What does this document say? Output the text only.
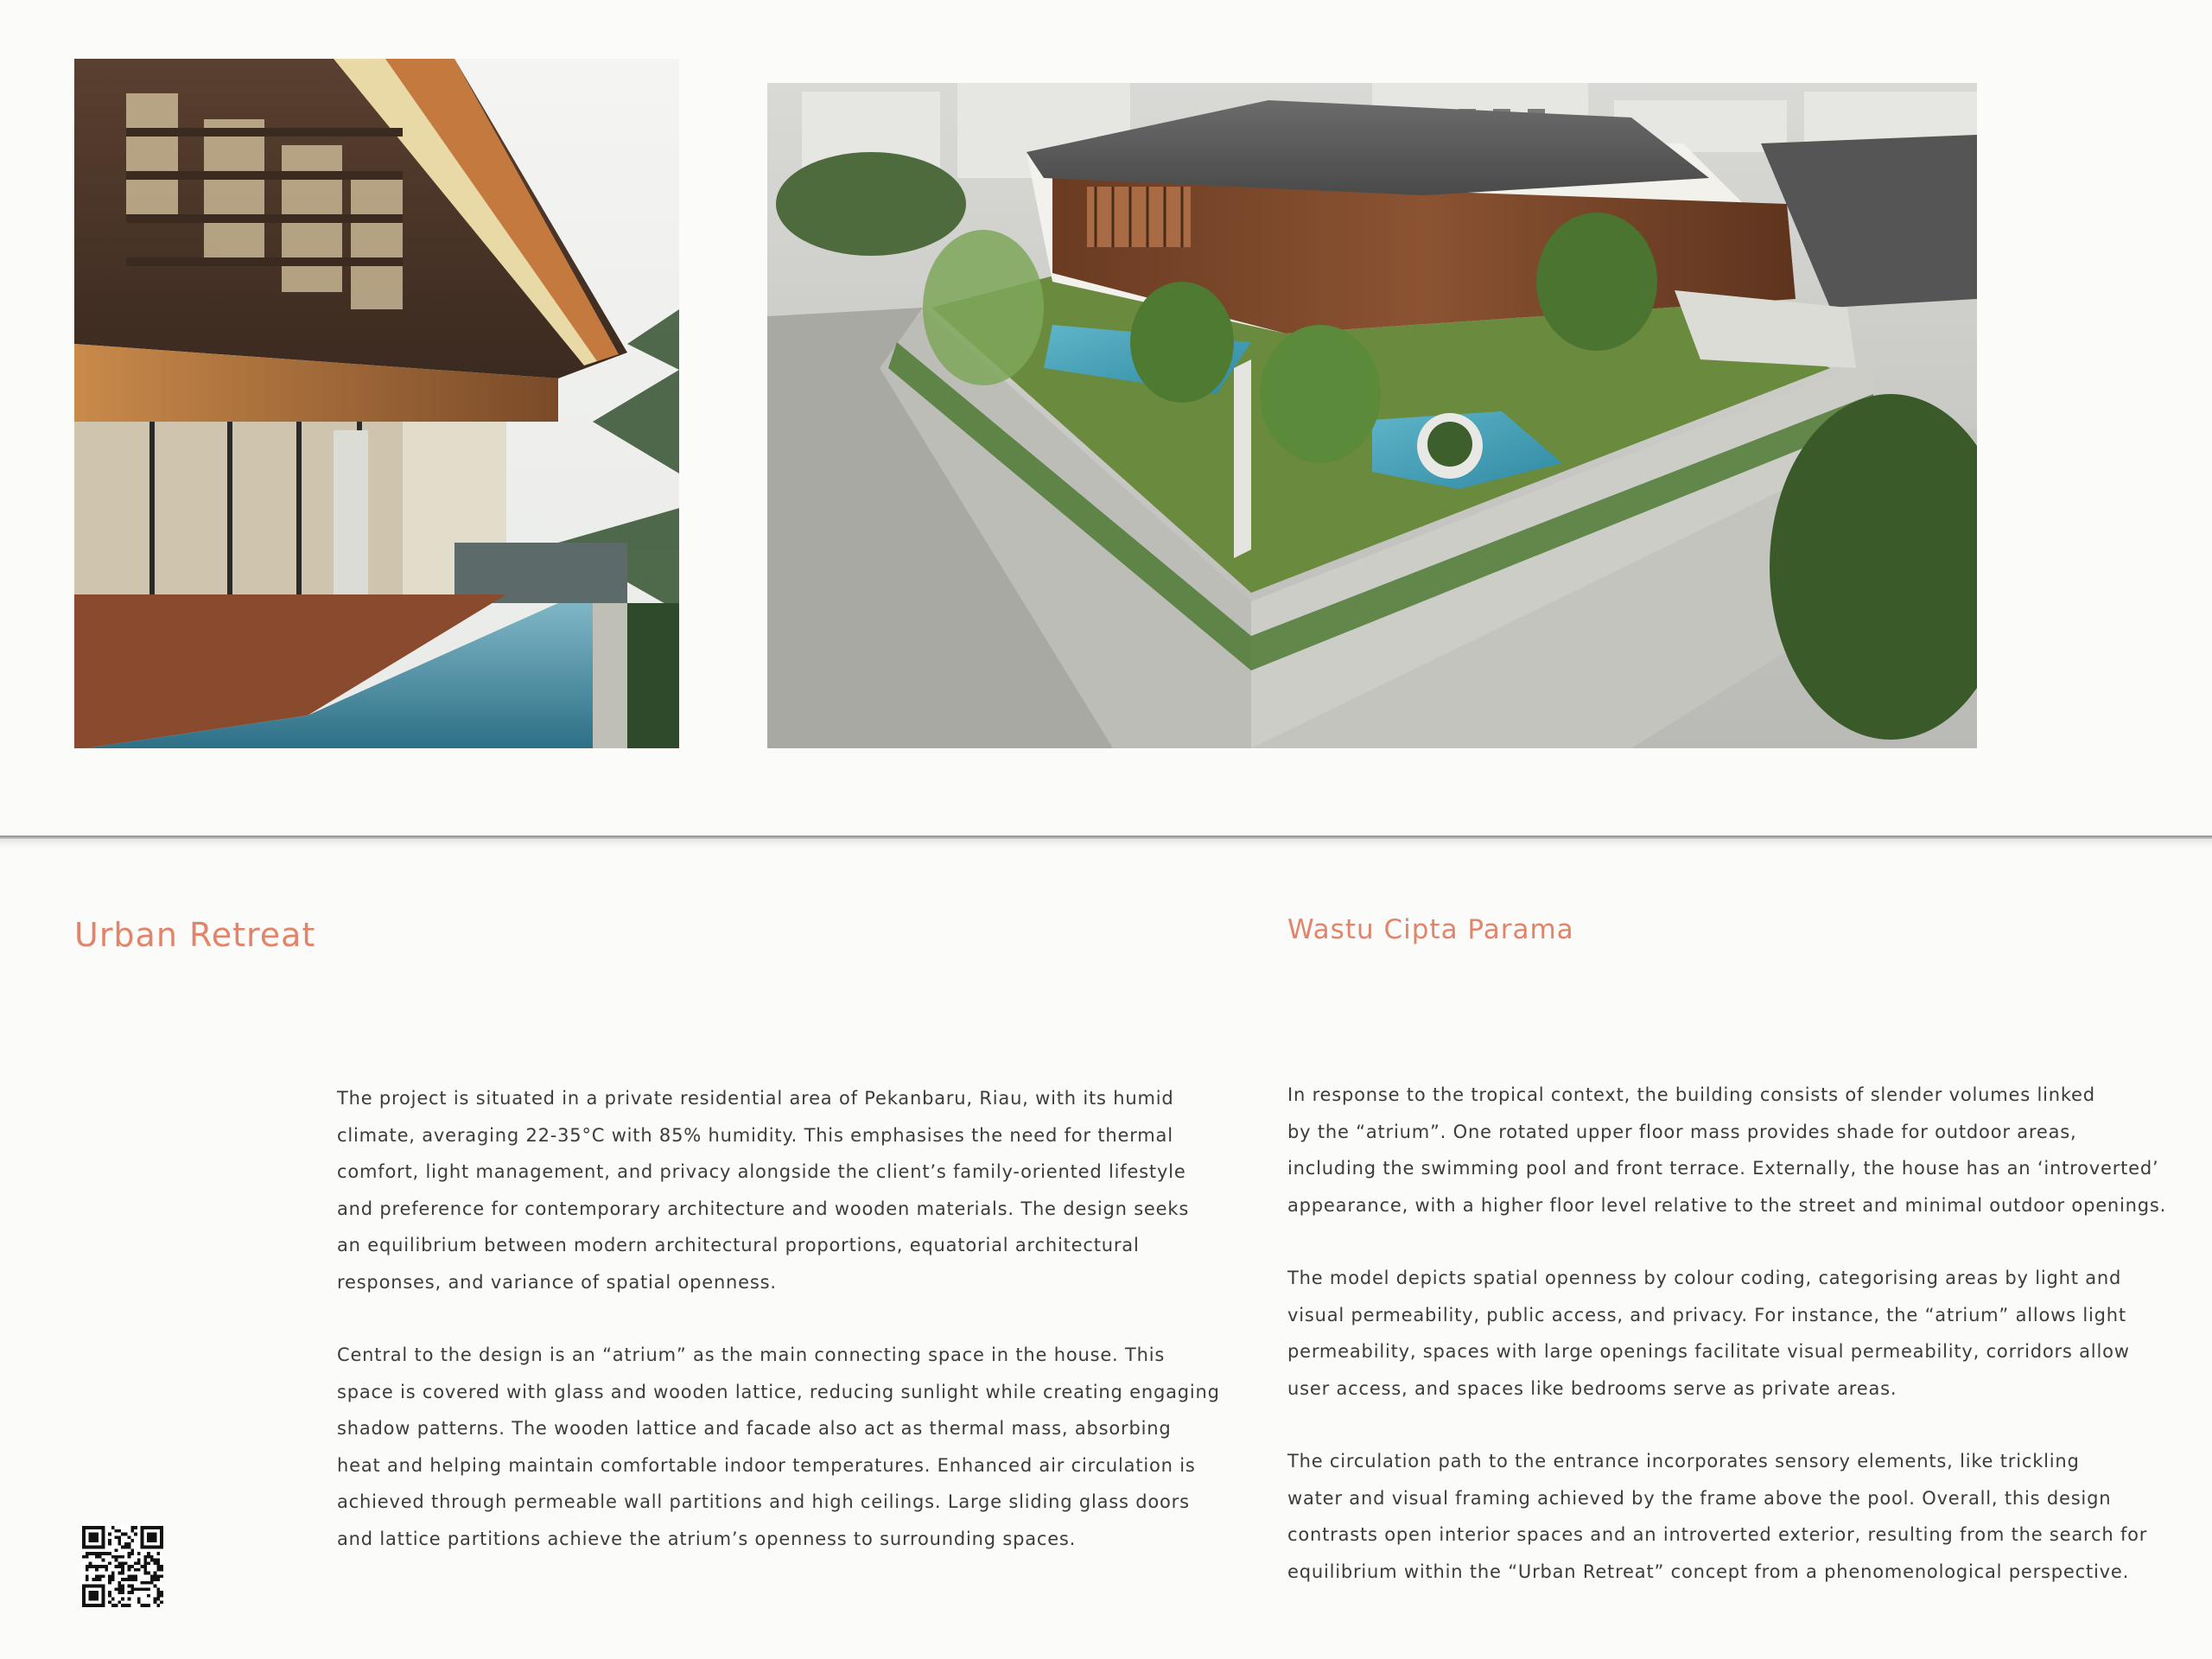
Urban Retreat	Wastu Cipta Parama
The project is situated in a private residential area of Pekanbaru, Riau, with its humid
climate, averaging 22-35°C with 85% humidity. This emphasises the need for thermal
comfort, light management, and privacy alongside the client’s family-oriented lifestyle
and preference for contemporary architecture and wooden materials. The design seeks
an equilibrium between modern architectural proportions, equatorial architectural
responses, and variance of spatial openness.
Central to the design is an “atrium” as the main connecting space in the house. This
space is covered with glass and wooden lattice, reducing sunlight while creating engaging
shadow patterns. The wooden lattice and facade also act as thermal mass, absorbing
heat and helping maintain comfortable indoor temperatures. Enhanced air circulation is
achieved through permeable wall partitions and high ceilings. Large sliding glass doors
and lattice partitions achieve the atrium’s openness to surrounding spaces.
In response to the tropical context, the building consists of slender volumes linked
by the “atrium”. One rotated upper floor mass provides shade for outdoor areas,
including the swimming pool and front terrace. Externally, the house has an ‘introverted’
appearance, with a higher floor level relative to the street and minimal outdoor openings.
The model depicts spatial openness by colour coding, categorising areas by light and
visual permeability, public access, and privacy. For instance, the “atrium” allows light
permeability, spaces with large openings facilitate visual permeability, corridors allow
user access, and spaces like bedrooms serve as private areas.
The circulation path to the entrance incorporates sensory elements, like trickling
water and visual framing achieved by the frame above the pool. Overall, this design
contrasts open interior spaces and an introverted exterior, resulting from the search for
equilibrium within the “Urban Retreat” concept from a phenomenological perspective.
